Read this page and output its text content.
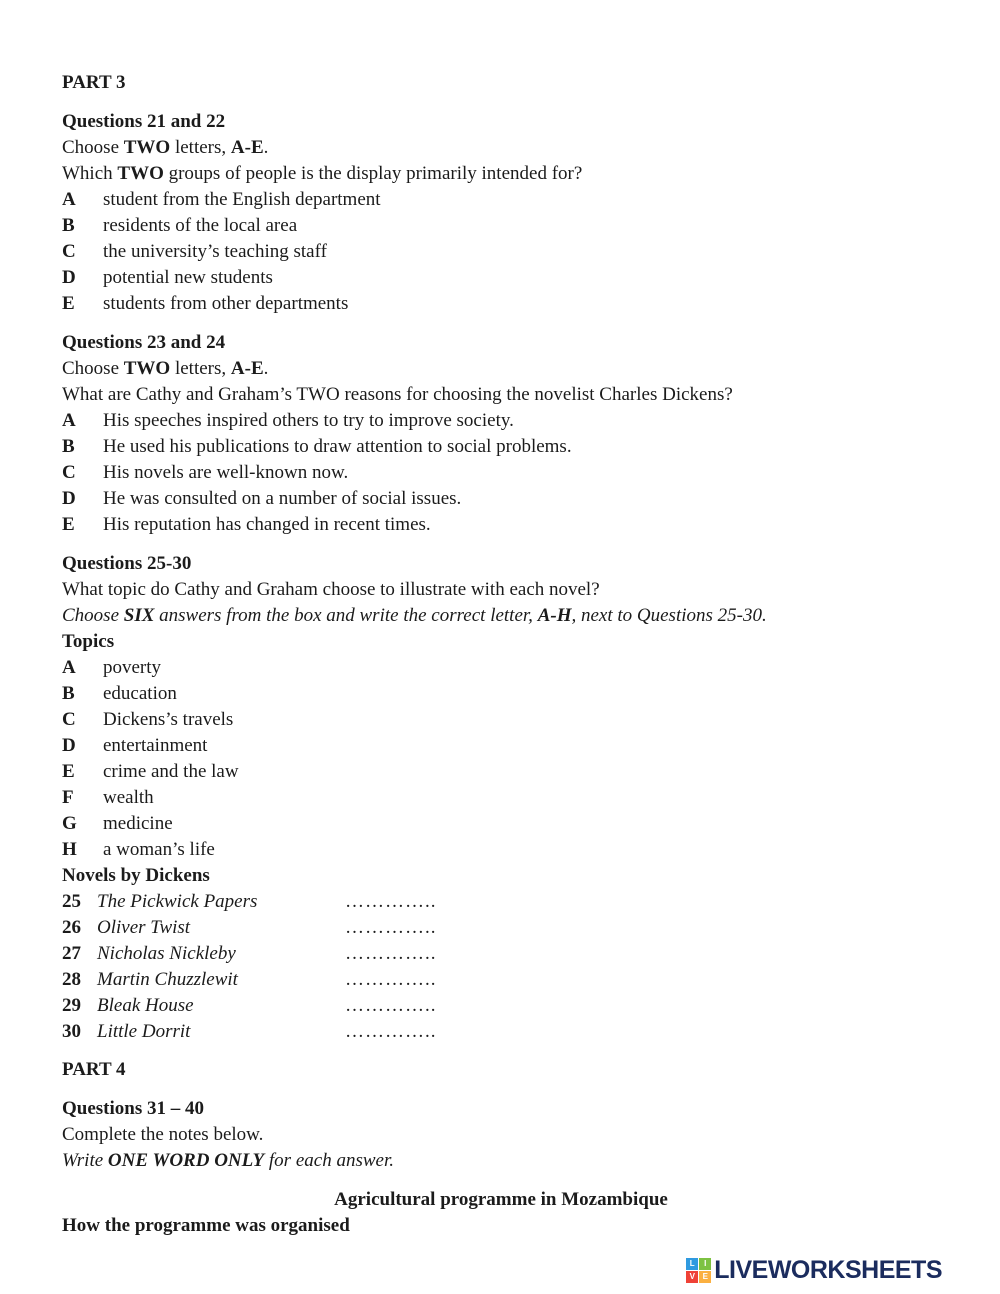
PART 3

Questions 21 and 22

Choose TWO letters, A-E.

Which TWO groups of people is the display primarily intended for?

A student from the English department
B residents of the local area
C the university’s teaching staff
D potential new students
E students from other departments

Questions 23 and 24

Choose TWO letters, A-E.

What are Cathy and Graham’s TWO reasons for choosing the novelist Charles Dickens?

A His speeches inspired others to try to improve society.
B He used his publications to draw attention to social problems.
C His novels are well-known now.
D He was consulted on a number of social issues.
E His reputation has changed in recent times.

Questions 25-30

What topic do Cathy and Graham choose to illustrate with each novel?

Choose SIX answers from the box and write the correct letter, A-H, next to Questions 25-30.

Topics

A poverty
B education
C Dickens’s travels
D entertainment
E crime and the law
F wealth
G medicine
H a woman’s life

Novels by Dickens

25 The Pickwick Papers	…………..
26 Oliver Twist	…………..
27 Nicholas Nickleby	…………..
28 Martin Chuzzlewit	…………..
29 Bleak House	…………..
30 Little Dorrit	…………..

PART 4

Questions 31 – 40

Complete the notes below.

Write ONE WORD ONLY for each answer.

Agricultural programme in Mozambique

How the programme was organised

L	I
V E LIVEWORKSHEETS
